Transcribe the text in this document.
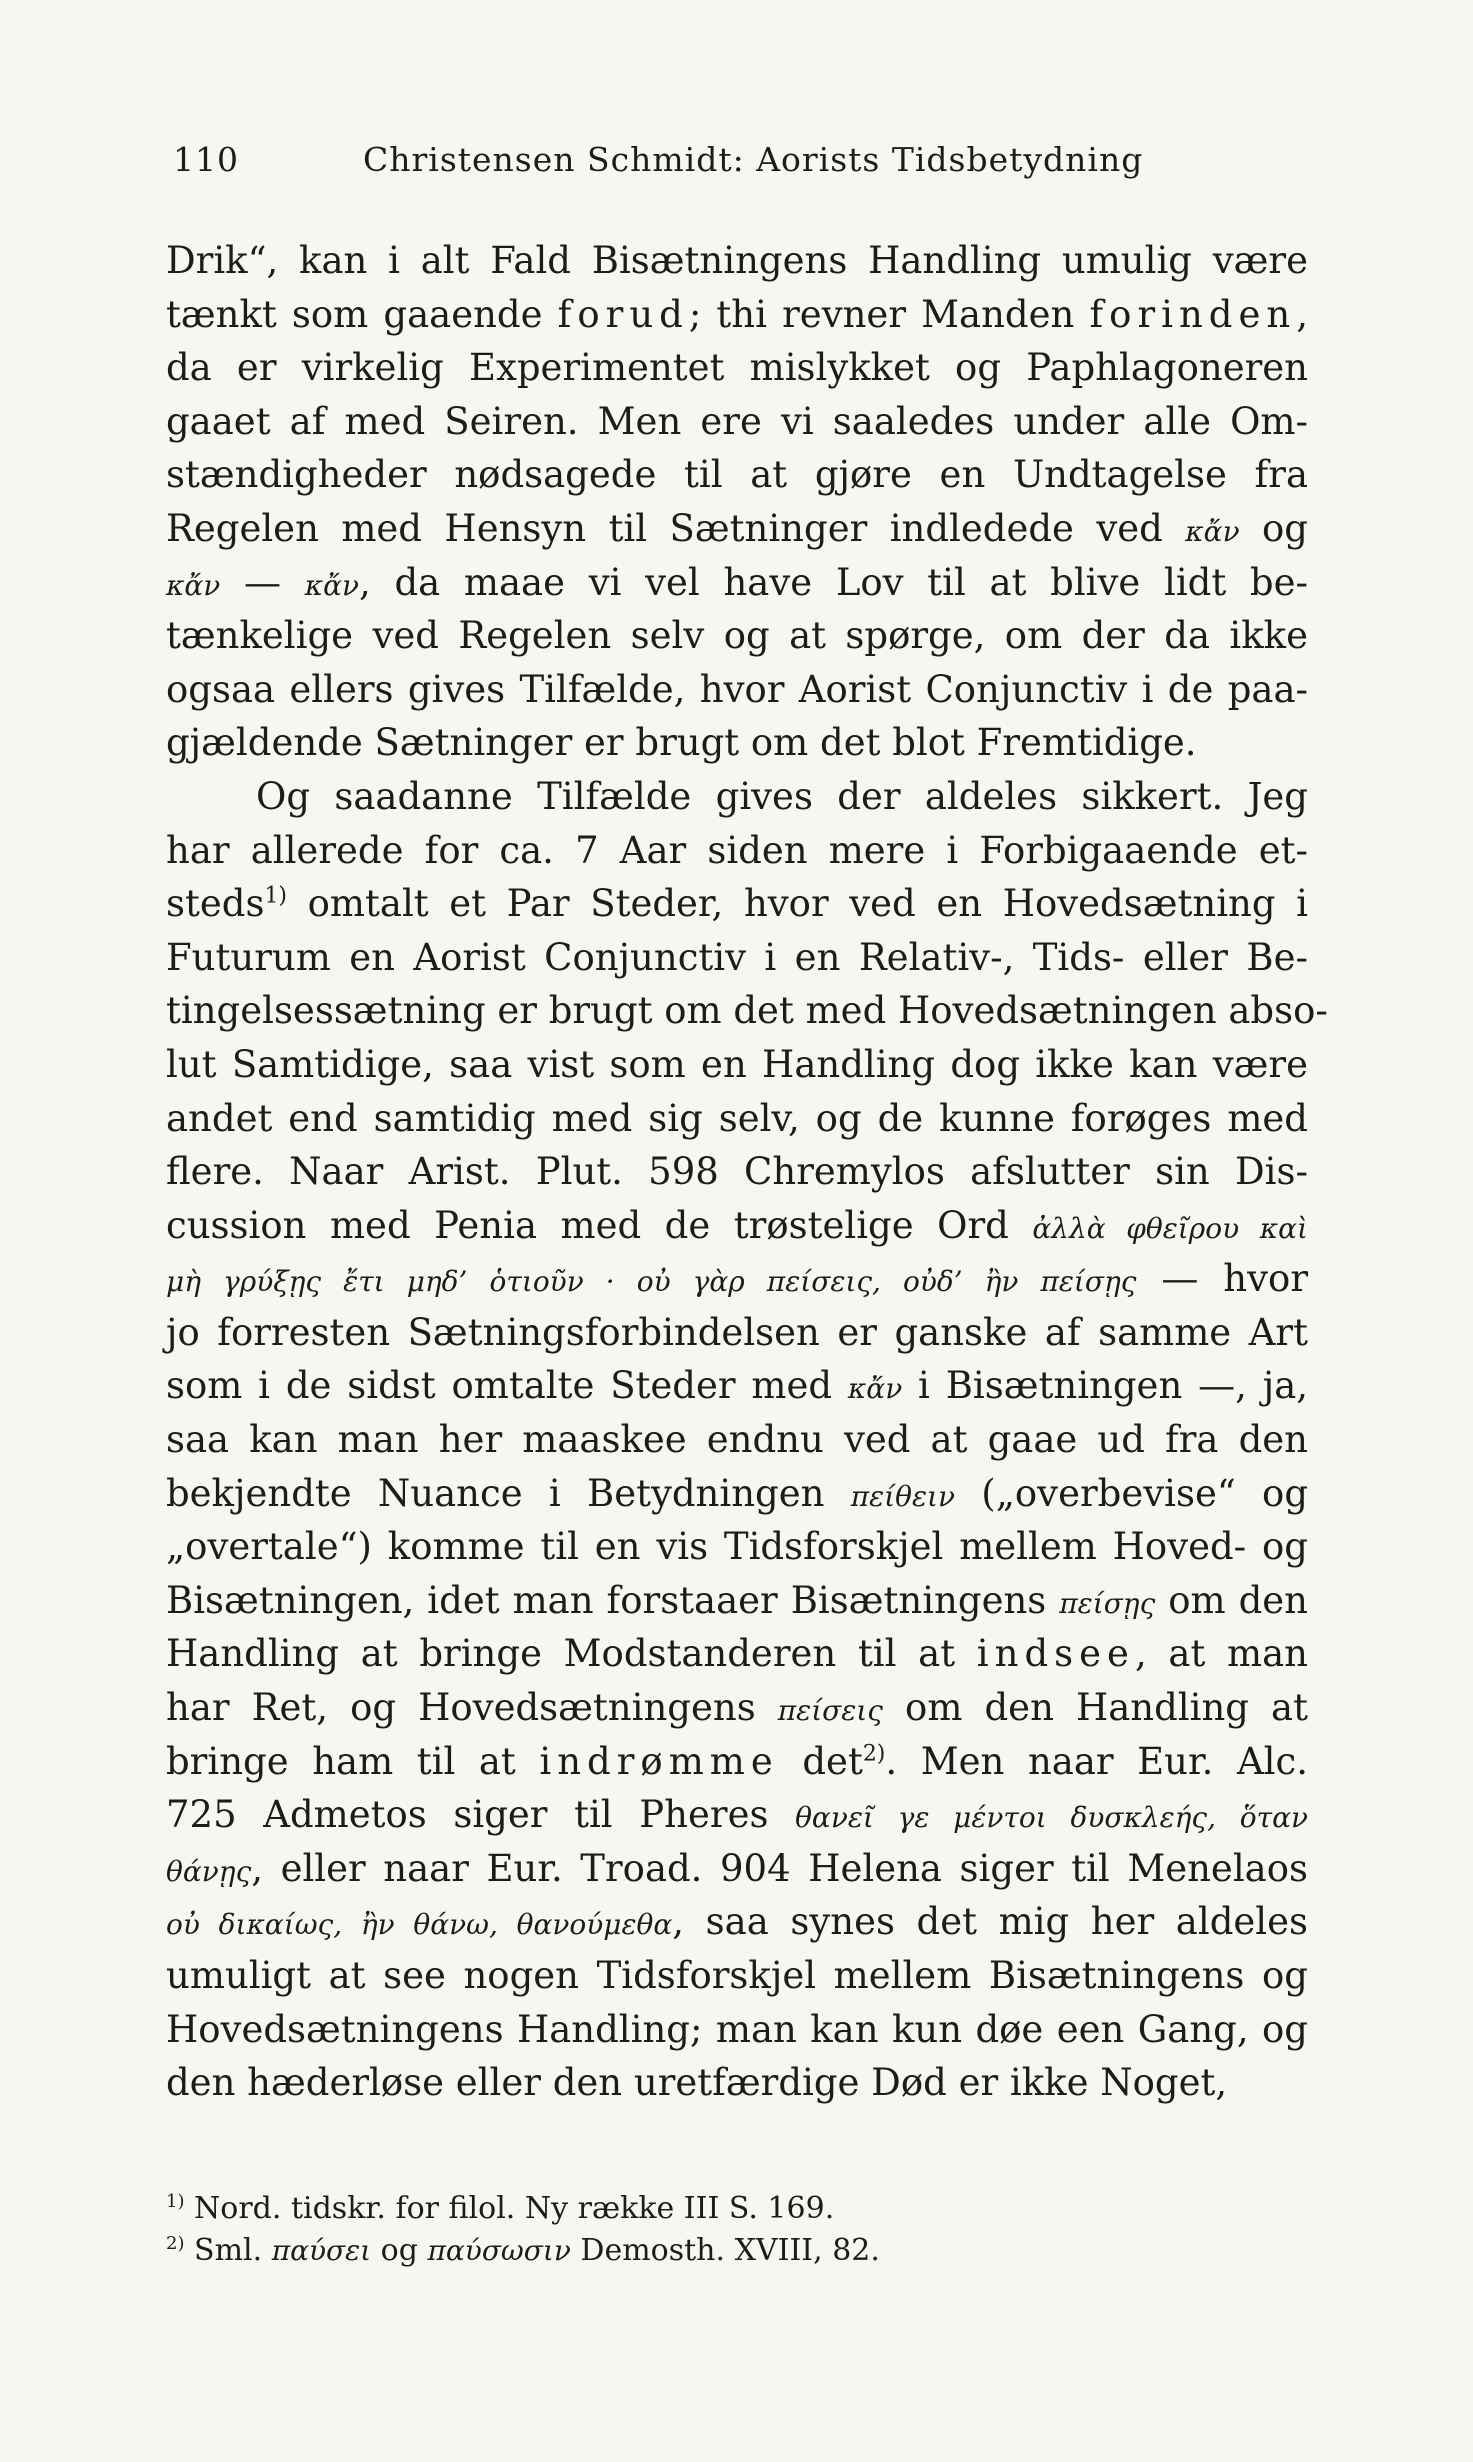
110	Christensen Schmidt: Aorists Tidsbetydning
Drik“, kan i alt Fald Bisætningens Handling umulig være
tænkt som gaaende forud; thi revner Manden forinden,
da er virkelig Experimentet mislykket og Paphlagoneren
gaaet af med Seiren. Men ere vi saaledes under alle Om-
stændigheder nødsagede til at gjøre en Undtagelse fra
Regelen med Hensyn til Sætninger indledede ved κἄν og
κἄν — κἄν, da maae vi vel have Lov til at blive lidt be-
tænkelige ved Regelen selv og at spørge, om der da ikke
ogsaa ellers gives Tilfælde, hvor Aorist Conjunctiv i de paa-
gjældende Sætninger er brugt om det blot Fremtidige.
Og saadanne Tilfælde gives der aldeles sikkert. Jeg
har allerede for ca. 7 Aar siden mere i Forbigaaende et-
steds$^{1)}$ omtalt et Par Steder, hvor ved en Hovedsætning i
Futurum en Aorist Conjunctiv i en Relativ-, Tids- eller Be-
tingelsessætning er brugt om det med Hovedsætningen abso-
lut Samtidige, saa vist som en Handling dog ikke kan være
andet end samtidig med sig selv, og de kunne forøges med
flere. Naar Arist. Plut. 598 Chremylos afslutter sin Dis-
cussion med Penia med de trøstelige Ord ἀλλὰ φθεῖρου καὶ
μὴ γρύξῃς ἔτι μηδ’ ὁτιοῦν · οὐ γὰρ πείσεις, οὐδ’ ἢν πείσῃς — hvor
jo forresten Sætningsforbindelsen er ganske af samme Art
som i de sidst omtalte Steder med κἄν i Bisætningen —, ja,
saa kan man her maaskee endnu ved at gaae ud fra den
bekjendte Nuance i Betydningen πείθειν („overbevise“ og
„overtale“) komme til en vis Tidsforskjel mellem Hoved- og
Bisætningen, idet man forstaaer Bisætningens πείσῃς om den
Handling at bringe Modstanderen til at indsee, at man
har Ret, og Hovedsætningens πείσεις om den Handling at
bringe ham til at indrømme $\det^{2)}$. Men naar Eur. Alc.
725 Admetos siger til Pheres θανεῖ γε μέντοι δυσκλεής, ὅταν
θάνῃς, eller naar Eur. Troad. 904 Helena siger til Menelaos
οὐ δικαίως, ἢν θάνω, θανούμεθα, saa synes det mig her aldeles
umuligt at see nogen Tidsforskjel mellem Bisætningens og
Hovedsætningens Handling; man kan kun døe een Gang, og
den hæderløse eller den uretfærdige Død er ikke Noget,
$^{1)}$ Nord. tidskr. for filol. Ny række III S. 169.
$^{2)}$ Sml. παύσει og παύσωσιν Demosth. XVIII, 82.
